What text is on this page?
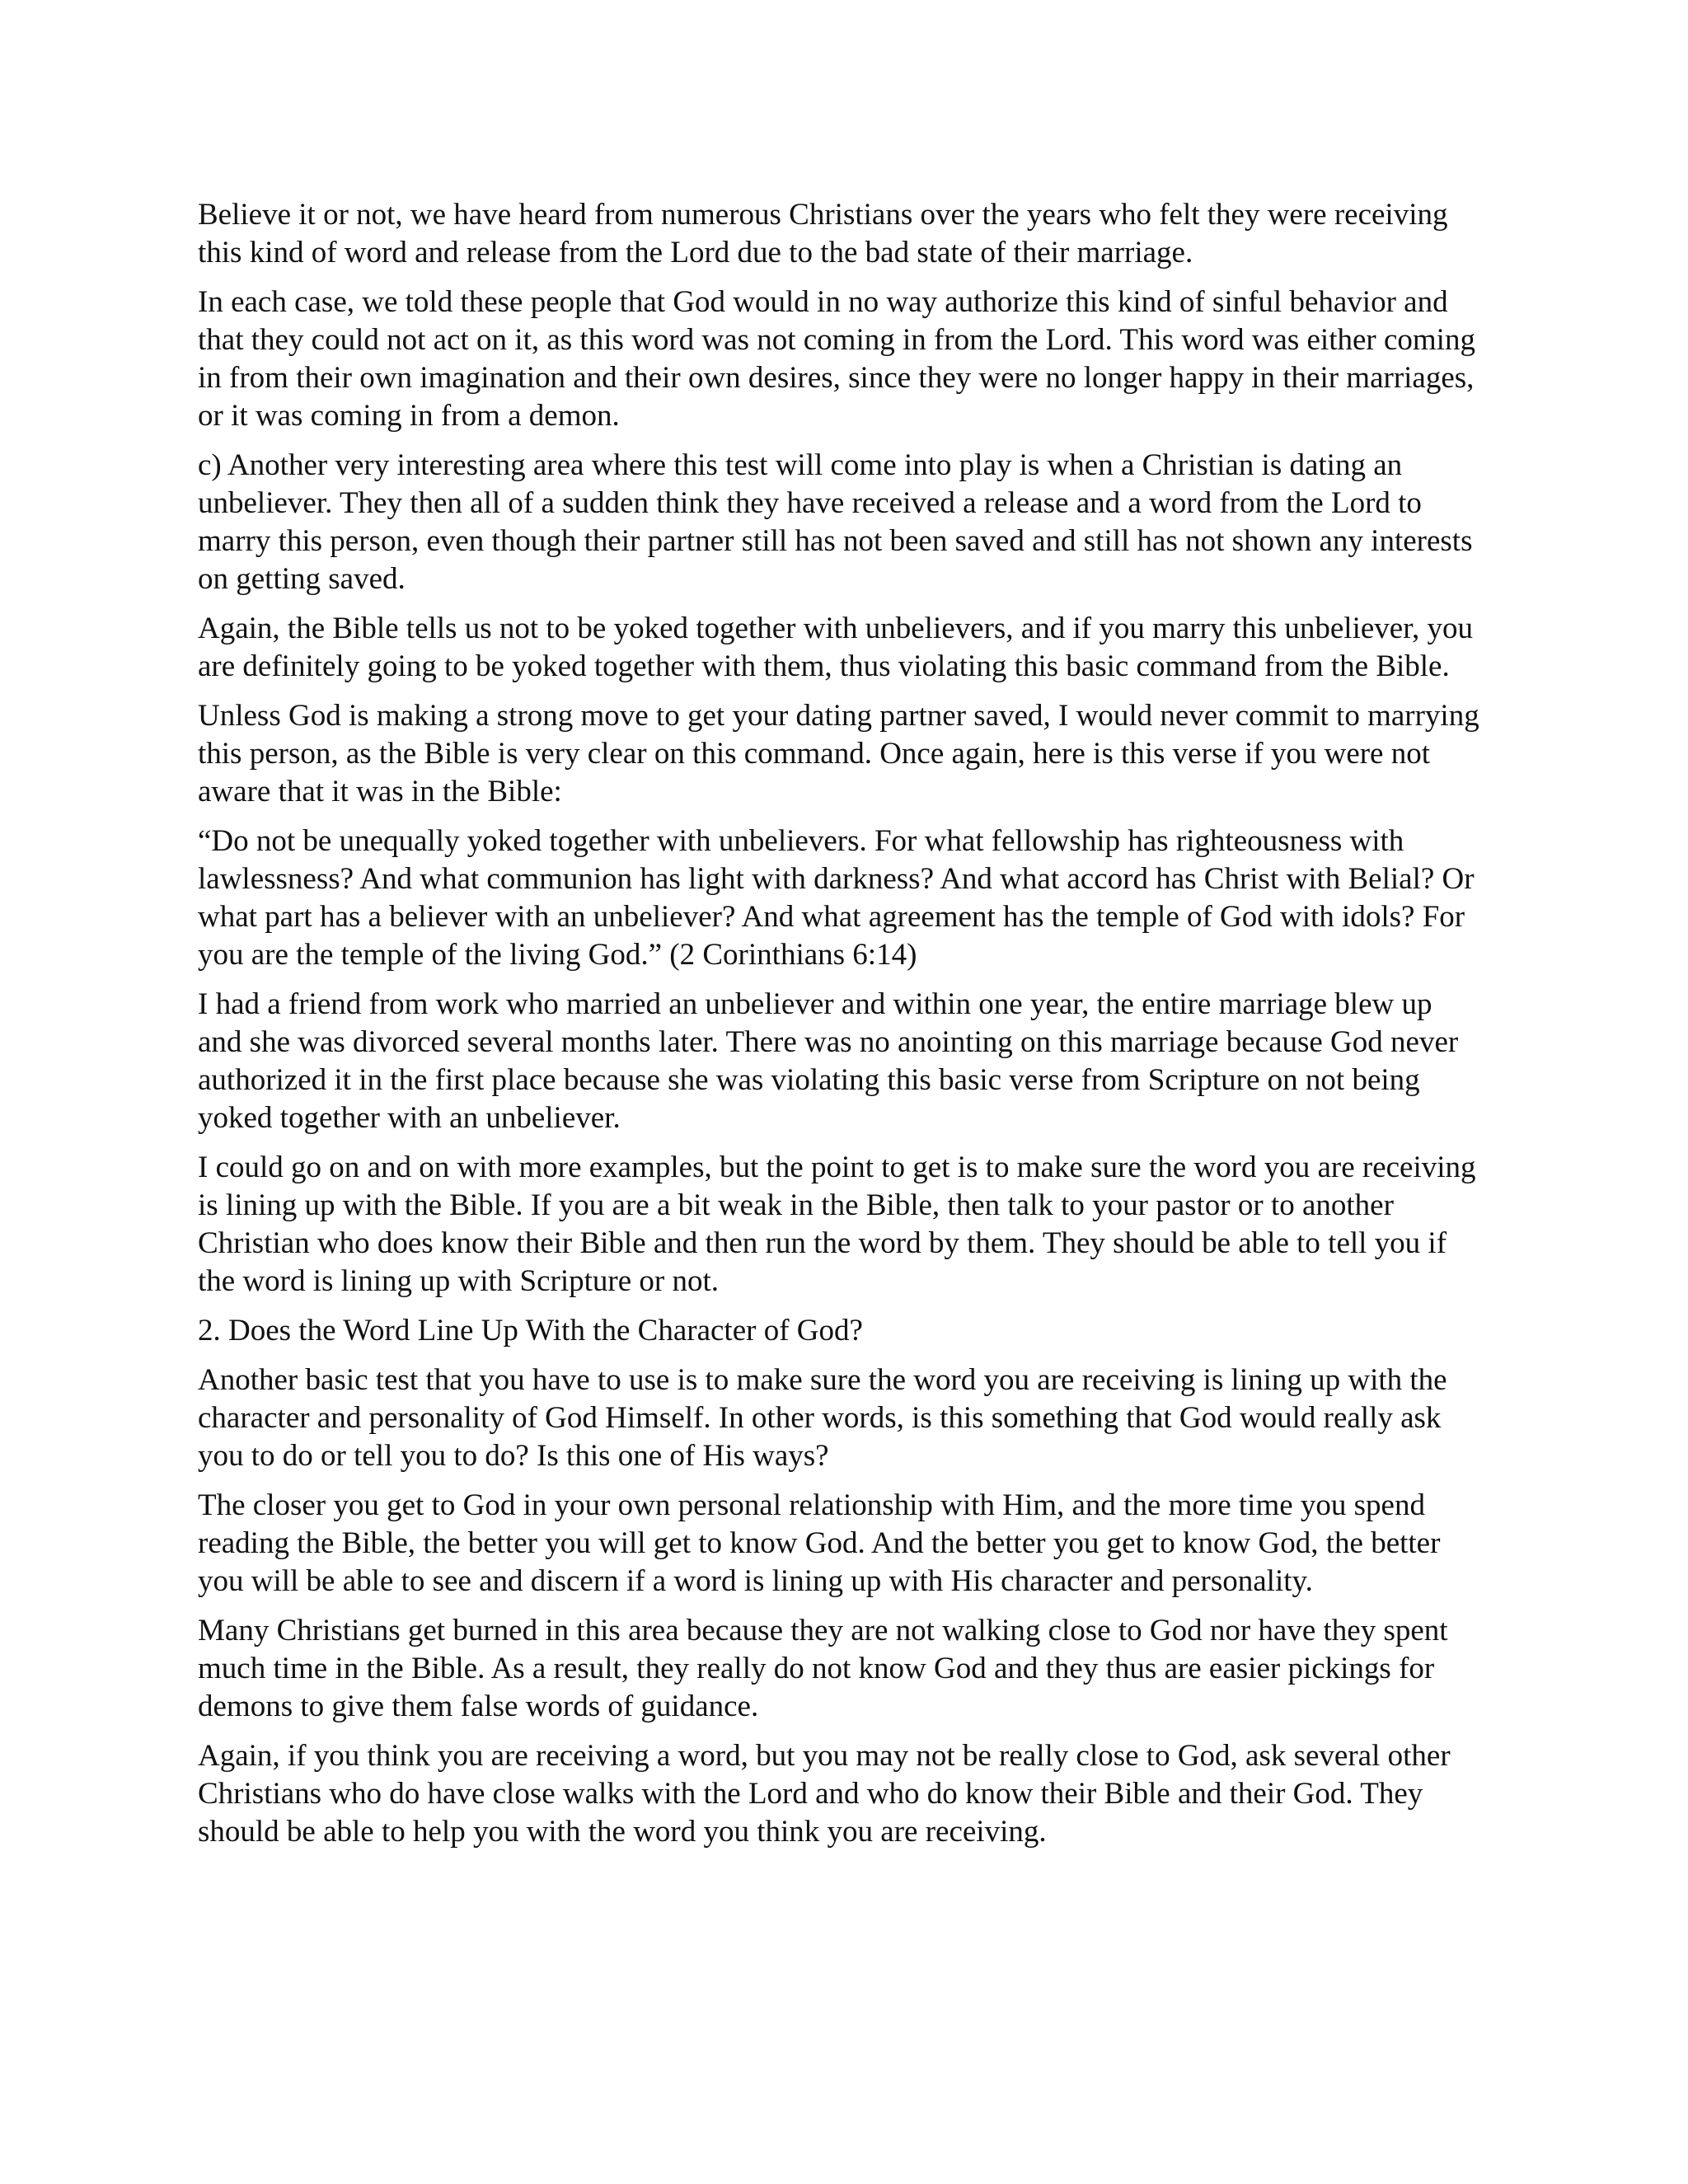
Believe it or not, we have heard from numerous Christians over the years who felt they were receiving this kind of word and release from the Lord due to the bad state of their marriage.

In each case, we told these people that God would in no way authorize this kind of sinful behavior and that they could not act on it, as this word was not coming in from the Lord. This word was either coming in from their own imagination and their own desires, since they were no longer happy in their marriages, or it was coming in from a demon.

c) Another very interesting area where this test will come into play is when a Christian is dating an unbeliever. They then all of a sudden think they have received a release and a word from the Lord to marry this person, even though their partner still has not been saved and still has not shown any interests on getting saved.

Again, the Bible tells us not to be yoked together with unbelievers, and if you marry this unbeliever, you are definitely going to be yoked together with them, thus violating this basic command from the Bible.

Unless God is making a strong move to get your dating partner saved, I would never commit to marrying this person, as the Bible is very clear on this command. Once again, here is this verse if you were not aware that it was in the Bible:

“Do not be unequally yoked together with unbelievers. For what fellowship has righteousness with lawlessness? And what communion has light with darkness? And what accord has Christ with Belial? Or what part has a believer with an unbeliever? And what agreement has the temple of God with idols? For you are the temple of the living God.” (2 Corinthians 6:14)

I had a friend from work who married an unbeliever and within one year, the entire marriage blew up and she was divorced several months later. There was no anointing on this marriage because God never authorized it in the first place because she was violating this basic verse from Scripture on not being yoked together with an unbeliever.

I could go on and on with more examples, but the point to get is to make sure the word you are receiving is lining up with the Bible. If you are a bit weak in the Bible, then talk to your pastor or to another Christian who does know their Bible and then run the word by them. They should be able to tell you if the word is lining up with Scripture or not.

2. Does the Word Line Up With the Character of God?

Another basic test that you have to use is to make sure the word you are receiving is lining up with the character and personality of God Himself. In other words, is this something that God would really ask you to do or tell you to do? Is this one of His ways?

The closer you get to God in your own personal relationship with Him, and the more time you spend reading the Bible, the better you will get to know God. And the better you get to know God, the better you will be able to see and discern if a word is lining up with His character and personality.

Many Christians get burned in this area because they are not walking close to God nor have they spent much time in the Bible. As a result, they really do not know God and they thus are easier pickings for demons to give them false words of guidance.

Again, if you think you are receiving a word, but you may not be really close to God, ask several other Christians who do have close walks with the Lord and who do know their Bible and their God. They should be able to help you with the word you think you are receiving.
